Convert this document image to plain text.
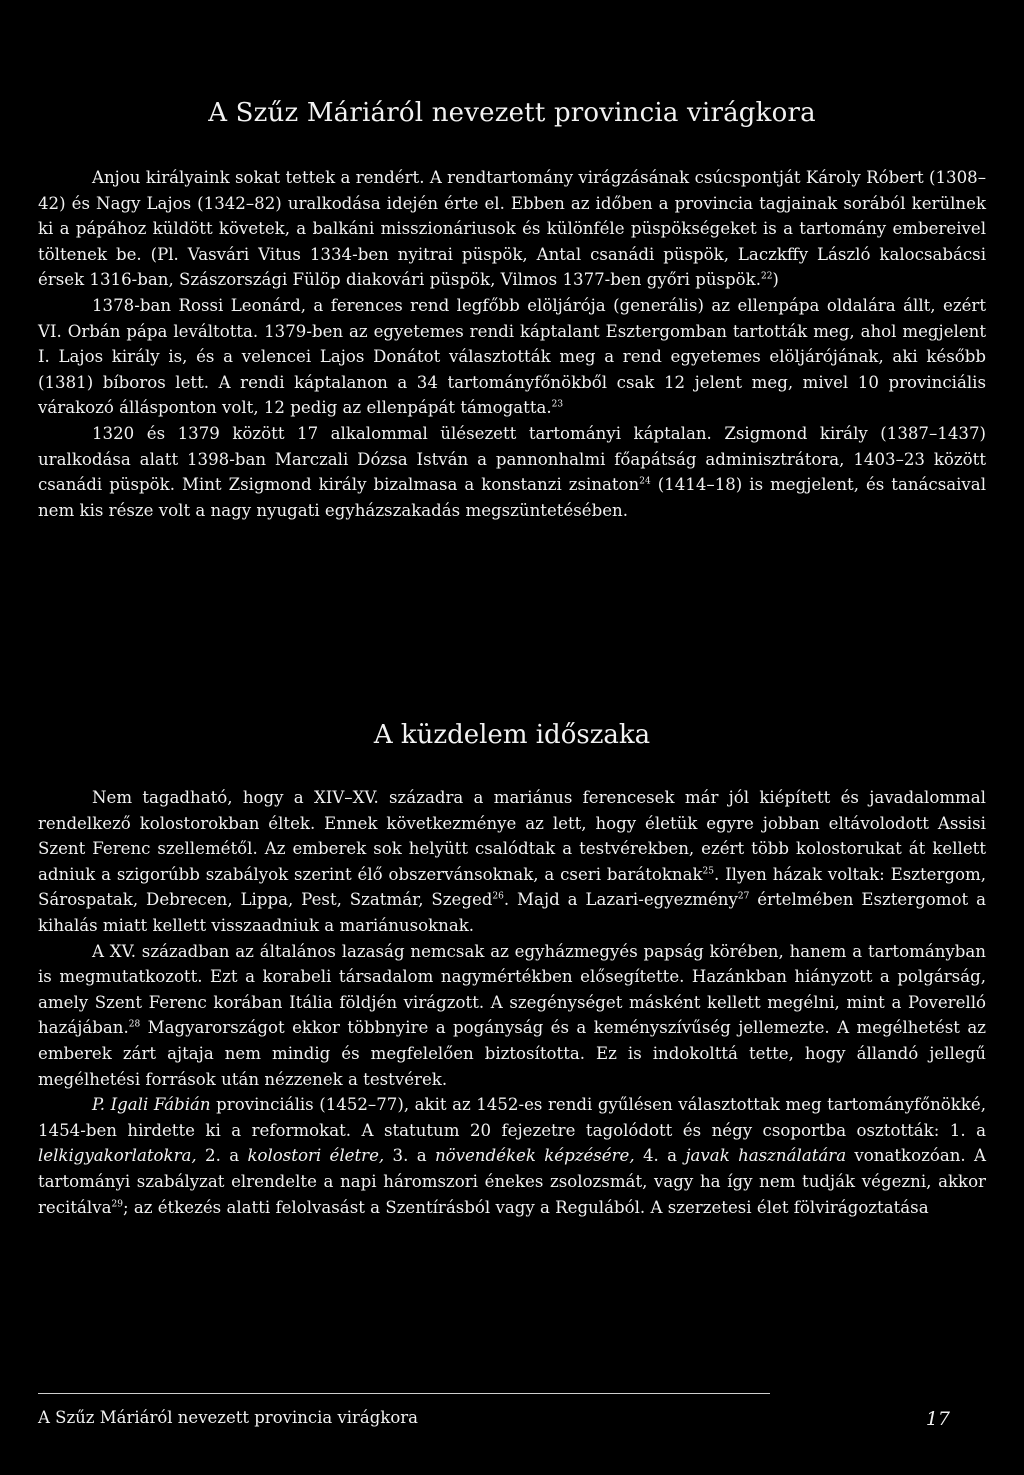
A Szűz Máriáról nevezett provincia virágkora

Anjou királyaink sokat tettek a rendért. A rendtartomány virágzásának csúcspontját Károly Róbert (1308–42) és Nagy Lajos (1342–82) uralkodása idején érte el. Ebben az időben a provincia tagjainak sorából kerülnek ki a pápához küldött követek, a balkáni misszionáriusok és különféle püspökségeket is a tartomány embereivel töltenek be. (Pl. Vasvári Vitus 1334-ben nyitrai püspök, Antal csanádi püspök, Laczkffy László kalocsabácsi érsek 1316-ban, Szászországi Fülöp diakovári püspök, Vilmos 1377-ben győri püspök.$^{22}$)

1378-ban Rossi Leonárd, a ferences rend legfőbb elöljárója (generális) az ellenpápa oldalára állt, ezért VI. Orbán pápa leváltotta. 1379-ben az egyetemes rendi káptalant Esztergomban tartották meg, ahol megjelent I. Lajos király is, és a velencei Lajos Donátot választották meg a rend egyetemes elöljárójának, aki később (1381) bíboros lett. A rendi káptalanon a 34 tartományfőnökből csak 12 jelent meg, mivel 10 provinciális várakozó állásponton volt, 12 pedig az ellenpápát támogatta.$^{23}$

1320 és 1379 között 17 alkalommal ülésezett tartományi káptalan. Zsigmond király (1387–1437) uralkodása alatt 1398-ban Marczali Dózsa István a pannonhalmi főapátság adminisztrátora, 1403–23 között csanádi püspök. Mint Zsigmond király bizalmasa a konstanzi zsinaton$^{24}$ (1414–18) is megjelent, és tanácsaival nem kis része volt a nagy nyugati egyházszakadás megszüntetésében.

A küzdelem időszaka

Nem tagadható, hogy a XIV–XV. századra a mariánus ferencesek már jól kiépített és javadalommal rendelkező kolostorokban éltek. Ennek következménye az lett, hogy életük egyre jobban eltávolodott Assisi Szent Ferenc szellemétől. Az emberek sok helyütt csalódtak a testvérekben, ezért több kolostorukat át kellett adniuk a szigorúbb szabályok szerint élő obszervánsoknak, a cseri barátoknak$^{25}$. Ilyen házak voltak: Esztergom, Sárospatak, Debrecen, Lippa, Pest, Szatmár, Szeged$^{26}$. Majd a Lazari-egyezmény$^{27}$ értelmében Esztergomot a kihalás miatt kellett visszaadniuk a mariánusoknak.

A XV. században az általános lazaság nemcsak az egyházmegyés papság körében, hanem a tartományban is megmutatkozott. Ezt a korabeli társadalom nagymértékben elősegítette. Hazánkban hiányzott a polgárság, amely Szent Ferenc korában Itália földjén virágzott. A szegénységet másként kellett megélni, mint a Poverelló hazájában.$^{28}$ Magyarországot ekkor többnyire a pogányság és a keményszívűség jellemezte. A megélhetést az emberek zárt ajtaja nem mindig és megfelelően biztosította. Ez is indokolttá tette, hogy állandó jellegű megélhetési források után nézzenek a testvérek.

P. Igali Fábián provinciális (1452–77), akit az 1452-es rendi gyűlésen választottak meg tartományfőnökké, 1454-ben hirdette ki a reformokat. A statutum 20 fejezetre tagolódott és négy csoportba osztották: 1. a lelkigyakorlatokra, 2. a kolostori életre, 3. a növendékek képzésére, 4. a javak használatára vonatkozóan. A tartományi szabályzat elrendelte a napi háromszori énekes zsolozsmát, vagy ha így nem tudják végezni, akkor recitálva$^{29}$; az étkezés alatti felolvasást a Szentírásból vagy a Regulából. A szerzetesi élet fölvirágoztatása

A Szűz Máriáról nevezett provincia virágkora	17
